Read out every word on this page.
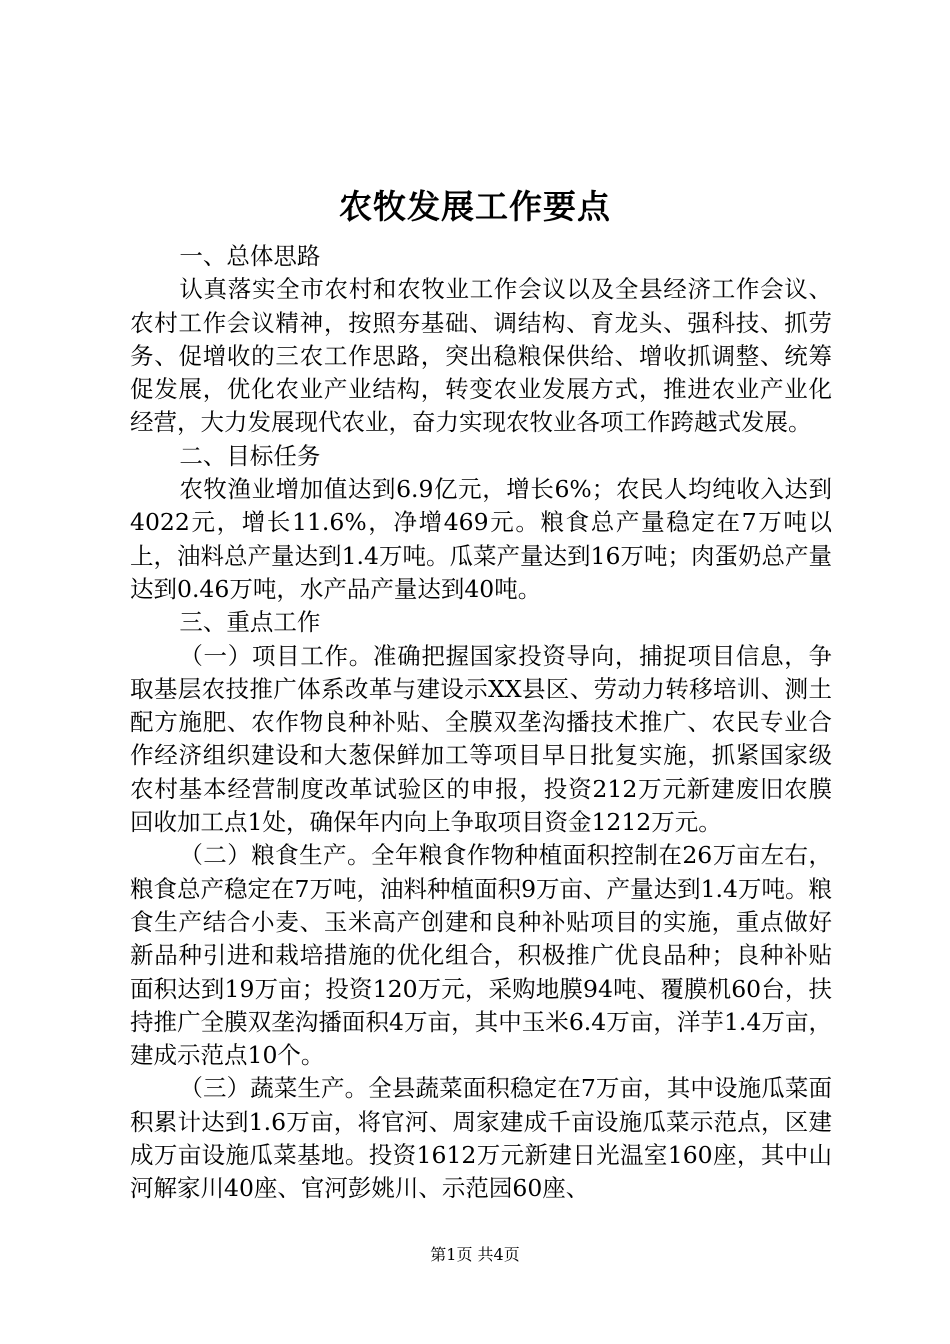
农牧发展工作要点

一、总体思路

认真落实全市农村和农牧业工作会议以及全县经济工作会议、农村工作会议精神，按照夯基础、调结构、育龙头、强科技、抓劳务、促增收的三农工作思路，突出稳粮保供给、增收抓调整、统筹促发展，优化农业产业结构，转变农业发展方式，推进农业产业化经营，大力发展现代农业，奋力实现农牧业各项工作跨越式发展。

二、目标任务

农牧渔业增加值达到6.9亿元，增长6%；农民人均纯收入达到4022元，增长11.6%，净增469元。粮食总产量稳定在7万吨以上，油料总产量达到1.4万吨。瓜菜产量达到16万吨；肉蛋奶总产量达到0.46万吨，水产品产量达到40吨。

三、重点工作

（一）项目工作。准确把握国家投资导向，捕捉项目信息，争取基层农技推广体系改革与建设示XX县区、劳动力转移培训、测土配方施肥、农作物良种补贴、全膜双垄沟播技术推广、农民专业合作经济组织建设和大葱保鲜加工等项目早日批复实施，抓紧国家级农村基本经营制度改革试验区的申报，投资212万元新建废旧农膜回收加工点1处，确保年内向上争取项目资金1212万元。

（二）粮食生产。全年粮食作物种植面积控制在26万亩左右，粮食总产稳定在7万吨，油料种植面积9万亩、产量达到1.4万吨。粮食生产结合小麦、玉米高产创建和良种补贴项目的实施，重点做好新品种引进和栽培措施的优化组合，积极推广优良品种；良种补贴面积达到19万亩；投资120万元，采购地膜94吨、覆膜机60台，扶持推广全膜双垄沟播面积4万亩，其中玉米6.4万亩，洋芋1.4万亩，建成示范点10个。

（三）蔬菜生产。全县蔬菜面积稳定在7万亩，其中设施瓜菜面积累计达到1.6万亩，将官河、周家建成千亩设施瓜菜示范点，区建成万亩设施瓜菜基地。投资1612万元新建日光温室160座，其中山河解家川40座、官河彭姚川、示范园60座、

第1页 共4页
